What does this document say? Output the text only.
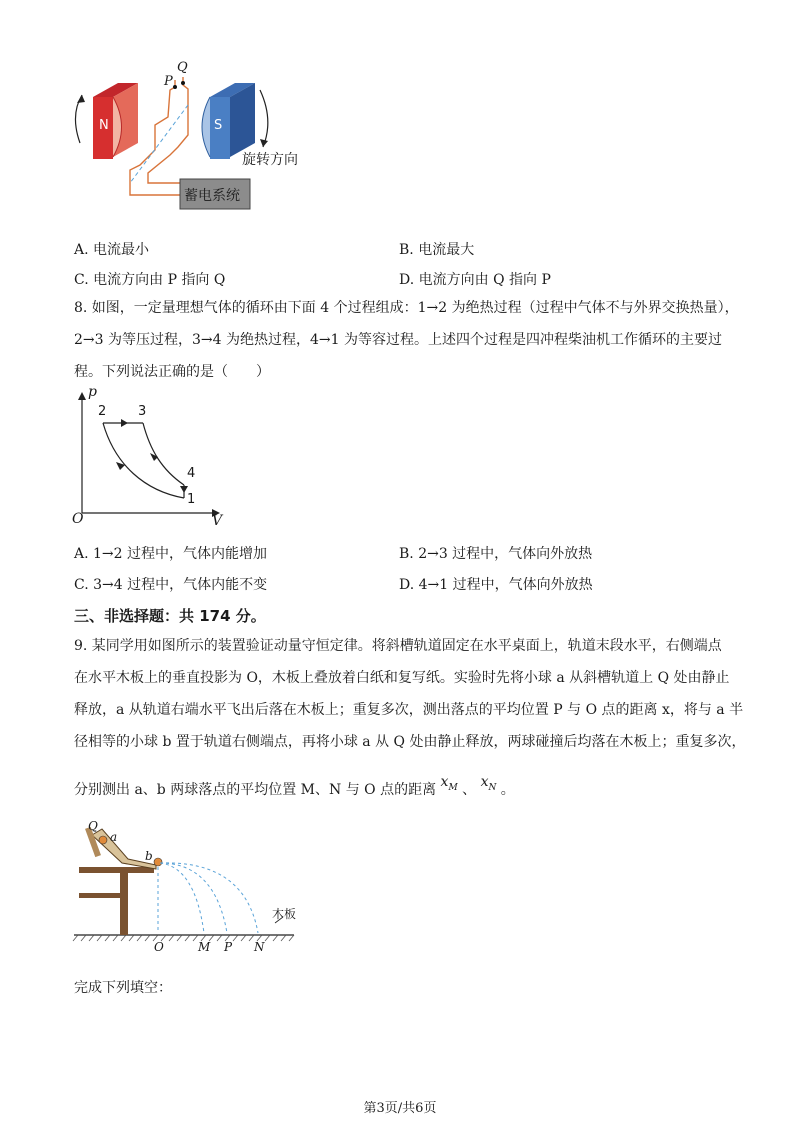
N	S
P
Q
旋转方向
蓄电系统
A. 电流最小	B. 电流最大
C. 电流方向由 P 指向 Q	D. 电流方向由 Q 指向 P
8. 如图，一定量理想气体的循环由下面 4 个过程组成：1→2 为绝热过程（过程中气体不与外界交换热量），
2→3 为等压过程，3→4 为绝热过程，4→1 为等容过程。上述四个过程是四冲程柴油机工作循环的主要过
程。下列说法正确的是（　　）
p
V
O
2 3
4
1
A. 1→2 过程中，气体内能增加	B. 2→3 过程中，气体向外放热
C. 3→4 过程中，气体内能不变	D. 4→1 过程中，气体向外放热
三、非选择题：共 174 分。
9. 某同学用如图所示的装置验证动量守恒定律。将斜槽轨道固定在水平桌面上，轨道末段水平，右侧端点
在水平木板上的垂直投影为 O，木板上叠放着白纸和复写纸。实验时先将小球 a 从斜槽轨道上 Q 处由静止
释放，a 从轨道右端水平飞出后落在木板上；重复多次，测出落点的平均位置 P 与 O 点的距离 x，将与 a 半
径相等的小球 b 置于轨道右侧端点，再将小球 a 从 Q 处由静止释放，两球碰撞后均落在木板上；重复多次，
分别测出 a、b 两球落点的平均位置 M、N 与 O 点的距离 $x_M$ 、 $x_N$ 。
Q
a
b
O	M P N
木板
完成下列填空：
第3页/共6页
